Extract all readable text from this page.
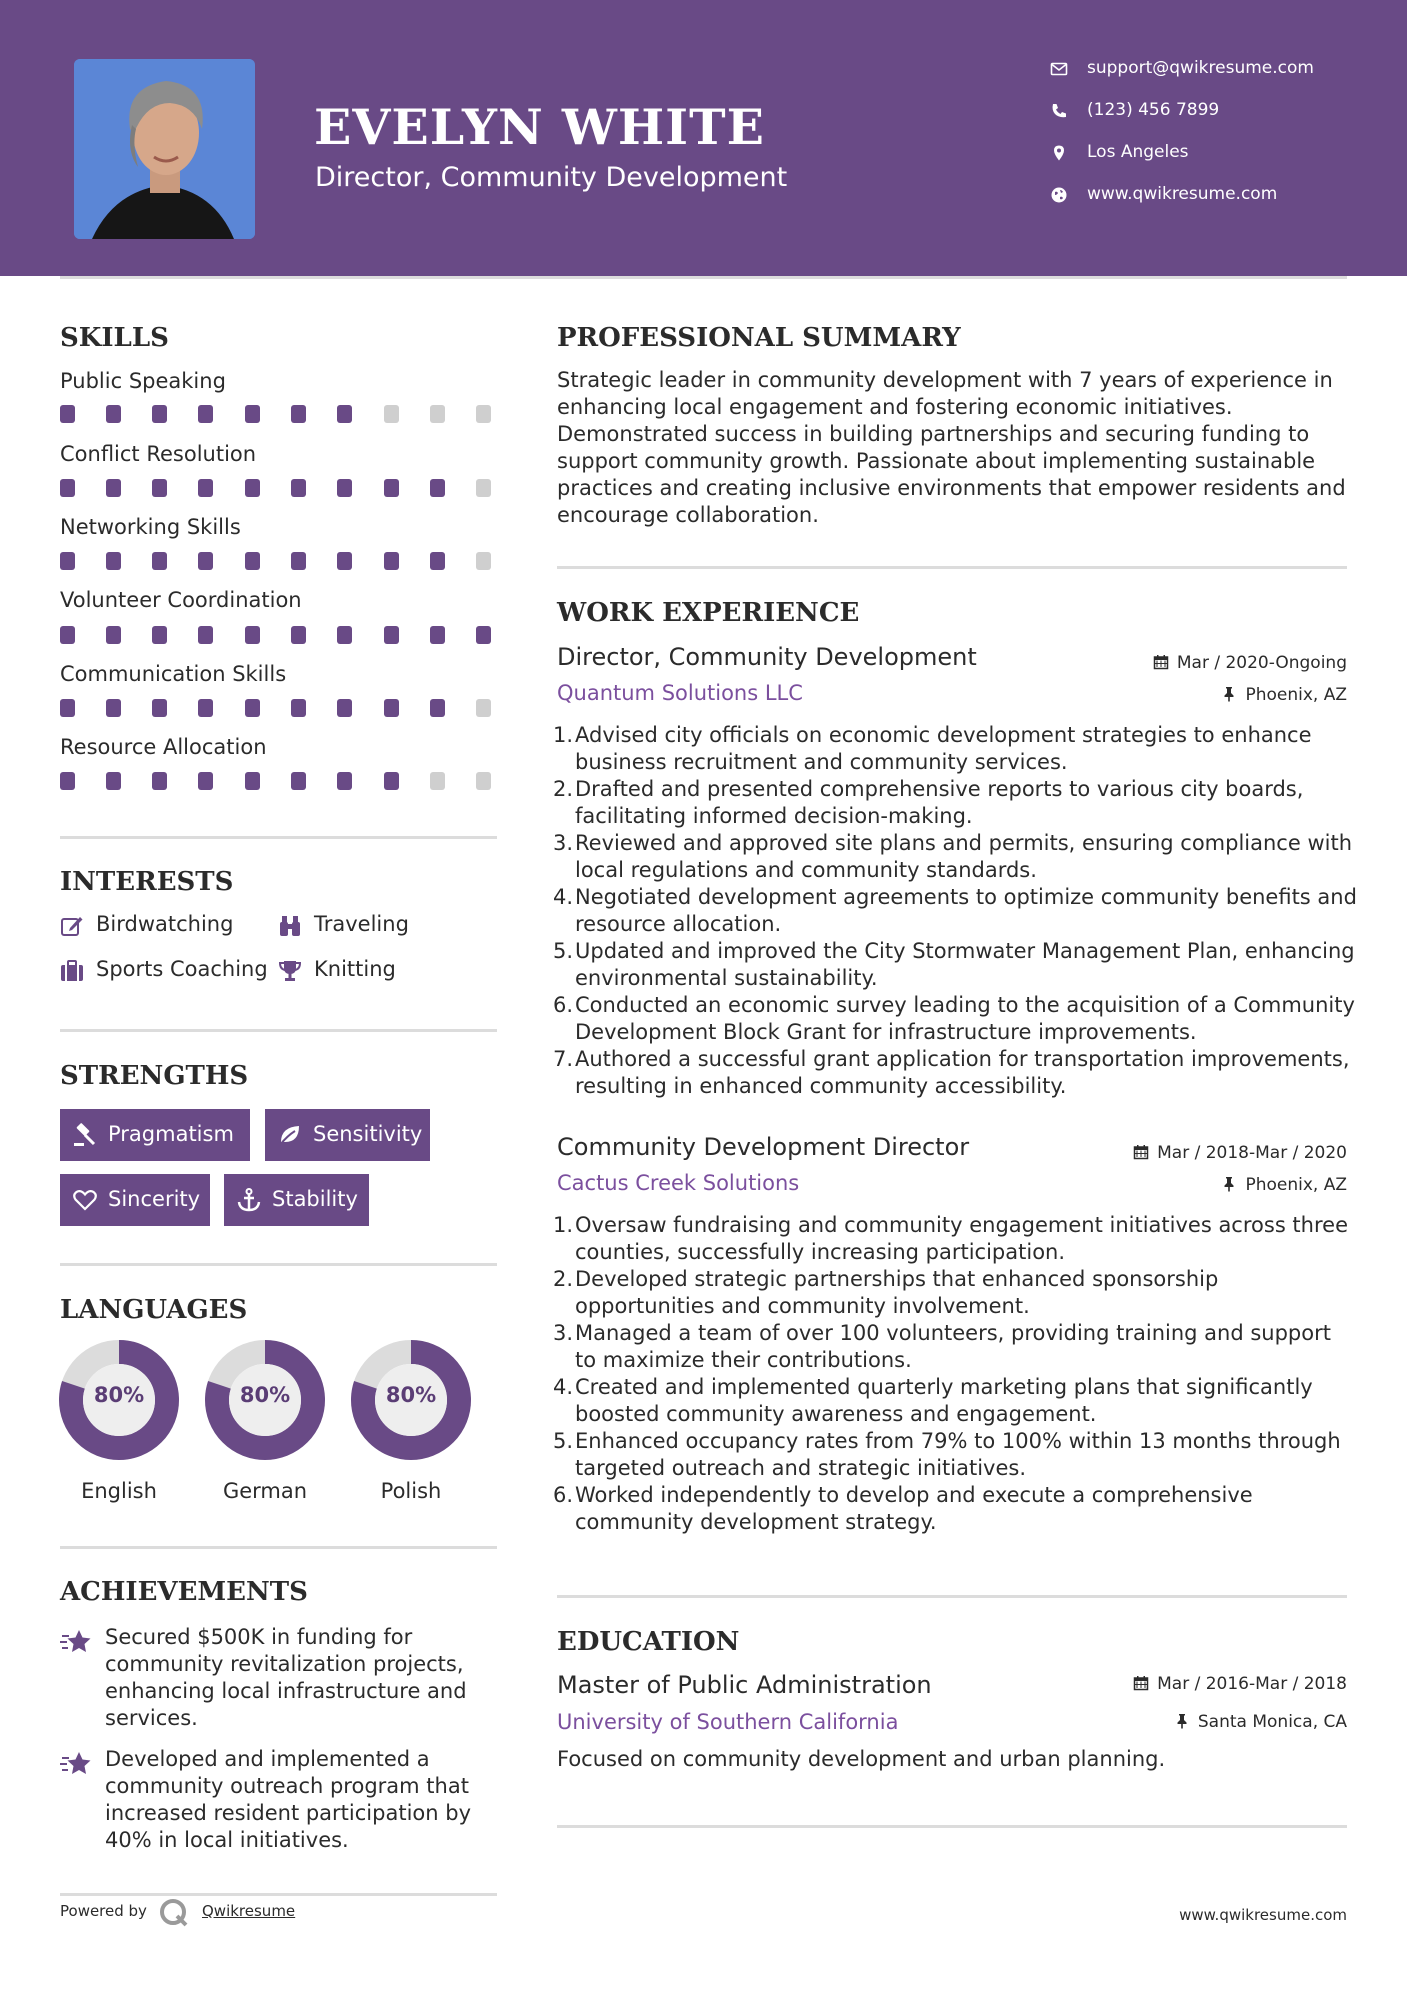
EVELYN WHITE
Director, Community Development
support@qwikresume.com
(123) 456 7899
Los Angeles
www.qwikresume.com
SKILLS
Public Speaking
Conflict Resolution
Networking Skills
Volunteer Coordination
Communication Skills
Resource Allocation
INTERESTS
Birdwatching	Traveling
Sports Coaching Knitting
STRENGTHS
Pragmatism	Sensitivity
Sincerity	Stability
LANGUAGES
80%
English
80%
German
80%
Polish
ACHIEVEMENTS
Secured $500K in funding for community revitalization projects, enhancing local infrastructure and services.
Developed and implemented a community outreach program that increased resident participation by 40% in local initiatives.
Powered by	Qwikresume
PROFESSIONAL SUMMARY
Strategic leader in community development with 7 years of experience in enhancing local engagement and fostering economic initiatives. Demonstrated success in building partnerships and securing funding to support community growth. Passionate about implementing sustainable practices and creating inclusive environments that empower residents and encourage collaboration.
WORK EXPERIENCE
Director, Community Development	Mar / 2020-Ongoing
Quantum Solutions LLC	Phoenix, AZ
1. Advised city officials on economic development strategies to enhance business recruitment and community services.
2. Drafted and presented comprehensive reports to various city boards, facilitating informed decision-making.
3. Reviewed and approved site plans and permits, ensuring compliance with local regulations and community standards.
4. Negotiated development agreements to optimize community benefits and resource allocation.
5. Updated and improved the City Stormwater Management Plan, enhancing environmental sustainability.
6. Conducted an economic survey leading to the acquisition of a Community Development Block Grant for infrastructure improvements.
7. Authored a successful grant application for transportation improvements, resulting in enhanced community accessibility.
Community Development Director	Mar / 2018-Mar / 2020
Cactus Creek Solutions	Phoenix, AZ
1. Oversaw fundraising and community engagement initiatives across three counties, successfully increasing participation.
2. Developed strategic partnerships that enhanced sponsorship opportunities and community involvement.
3. Managed a team of over 100 volunteers, providing training and support to maximize their contributions.
4. Created and implemented quarterly marketing plans that significantly boosted community awareness and engagement.
5. Enhanced occupancy rates from 79% to 100% within 13 months through targeted outreach and strategic initiatives.
6. Worked independently to develop and execute a comprehensive community development strategy.
EDUCATION
Master of Public Administration	Mar / 2016-Mar / 2018
University of Southern California	Santa Monica, CA
Focused on community development and urban planning.
www.qwikresume.com
